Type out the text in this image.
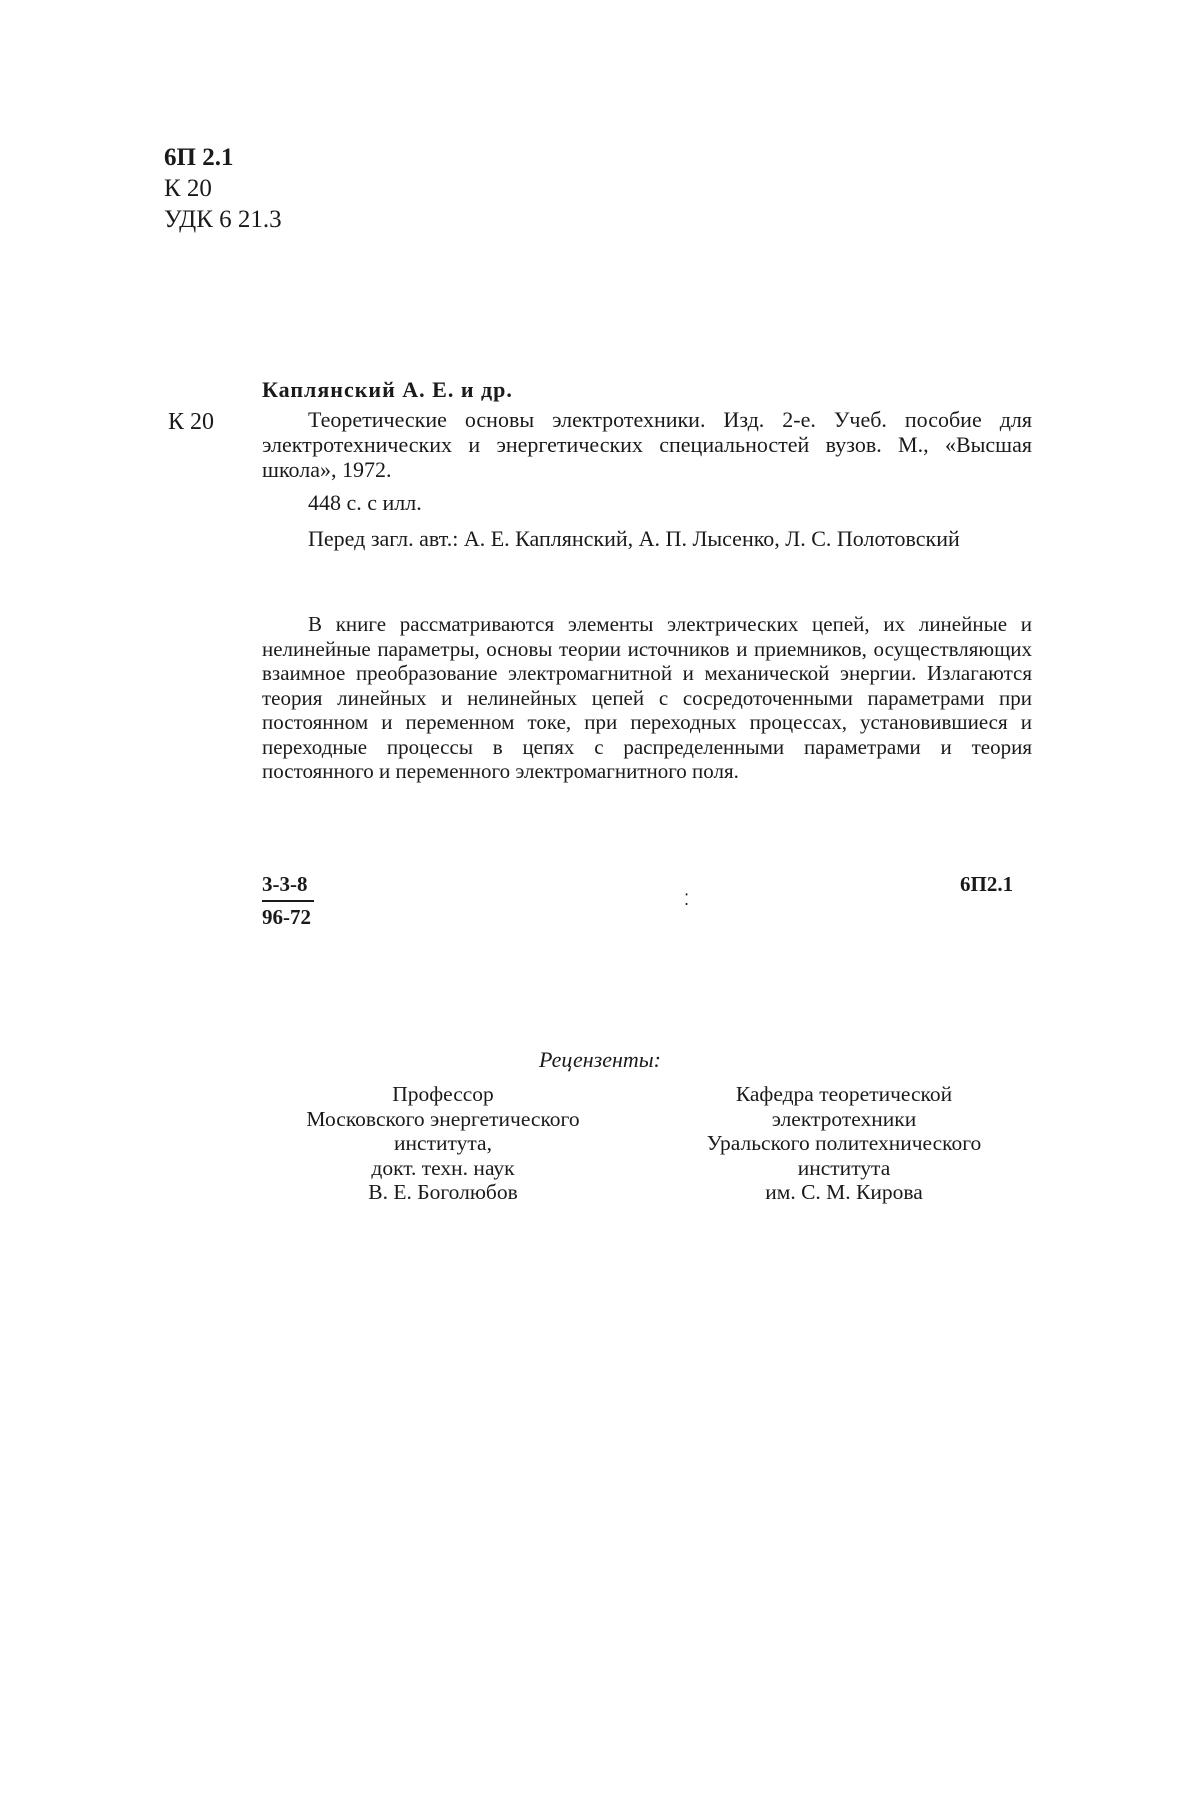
6П 2.1
К 20
УДК 6 21.3
Каплянский А. Е. и др.
К 20	Теоретические основы электротехники. Изд. 2-е. Учеб. пособие для электротехнических и энергетических специальностей вузов. М., «Высшая школа», 1972.
448 с. с илл.
Перед загл. авт.: А. Е. Каплянский, А. П. Лысенко, Л. С. Полотовский
В книге рассматриваются элементы электрических цепей, их линейные и нелинейные параметры, основы теории источников и приемников, осуществляющих взаимное преобразование электромагнитной и механической энергии. Излагаются теория линейных и нелинейных цепей с сосредоточенными параметрами при постоянном и переменном токе, при переходных процессах, установившиеся и переходные процессы в цепях с распределенными параметрами и теория постоянного и переменного электромагнитного поля.
3-3-8
96-72
6П2.1
⁚
Рецензенты:
Профессор
Московского энергетического
института,
докт. техн. наук
В. Е. Боголюбов
Кафедра теоретической
электротехники
Уральского политехнического
института
им. С. М. Кирова
